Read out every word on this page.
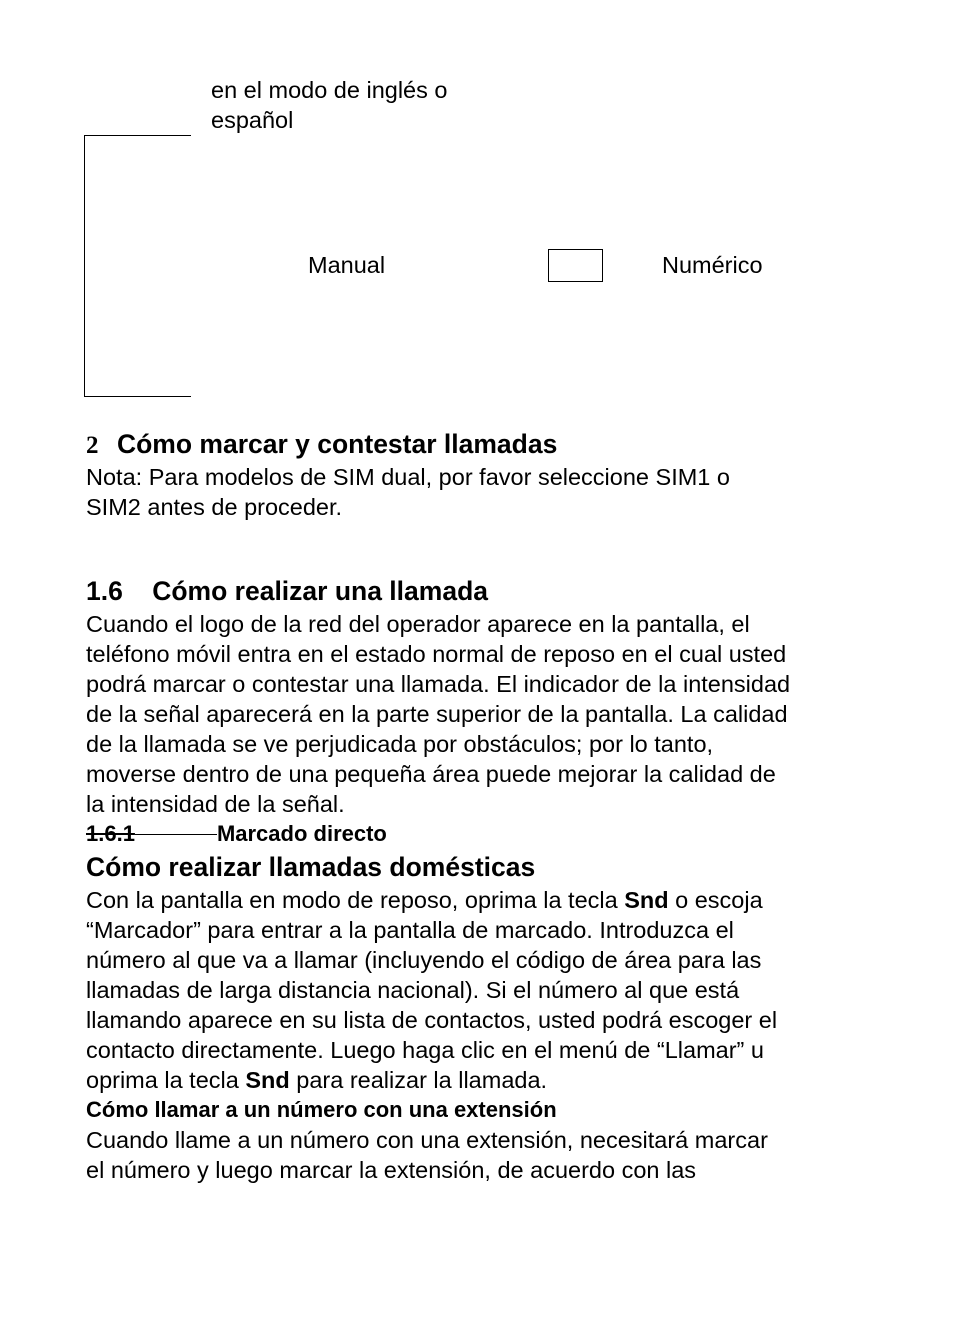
en el modo de inglés o

español

Manual	Numérico
2 Cómo marcar y contestar llamadas

Nota: Para modelos de SIM dual, por favor seleccione SIM1 o

SIM2 antes de proceder.

1.6 Cómo realizar una llamada

Cuando el logo de la red del operador aparece en la pantalla, el

teléfono móvil entra en el estado normal de reposo en el cual usted

podrá marcar o contestar una llamada. El indicador de la intensidad

de la señal aparecerá en la parte superior de la pantalla. La calidad

de la llamada se ve perjudicada por obstáculos; por lo tanto,

moverse dentro de una pequeña área puede mejorar la calidad de

la intensidad de la señal.

1.6.1	Marcado directo
Cómo realizar llamadas domésticas

Con la pantalla en modo de reposo, oprima la tecla Snd o escoja

“Marcador” para entrar a la pantalla de marcado. Introduzca el

número al que va a llamar (incluyendo el código de área para las

llamadas de larga distancia nacional). Si el número al que está

llamando aparece en su lista de contactos, usted podrá escoger el

contacto directamente. Luego haga clic en el menú de “Llamar” u

oprima la tecla Snd para realizar la llamada.

Cómo llamar a un número con una extensión

Cuando llame a un número con una extensión, necesitará marcar

el número y luego marcar la extensión, de acuerdo con las
